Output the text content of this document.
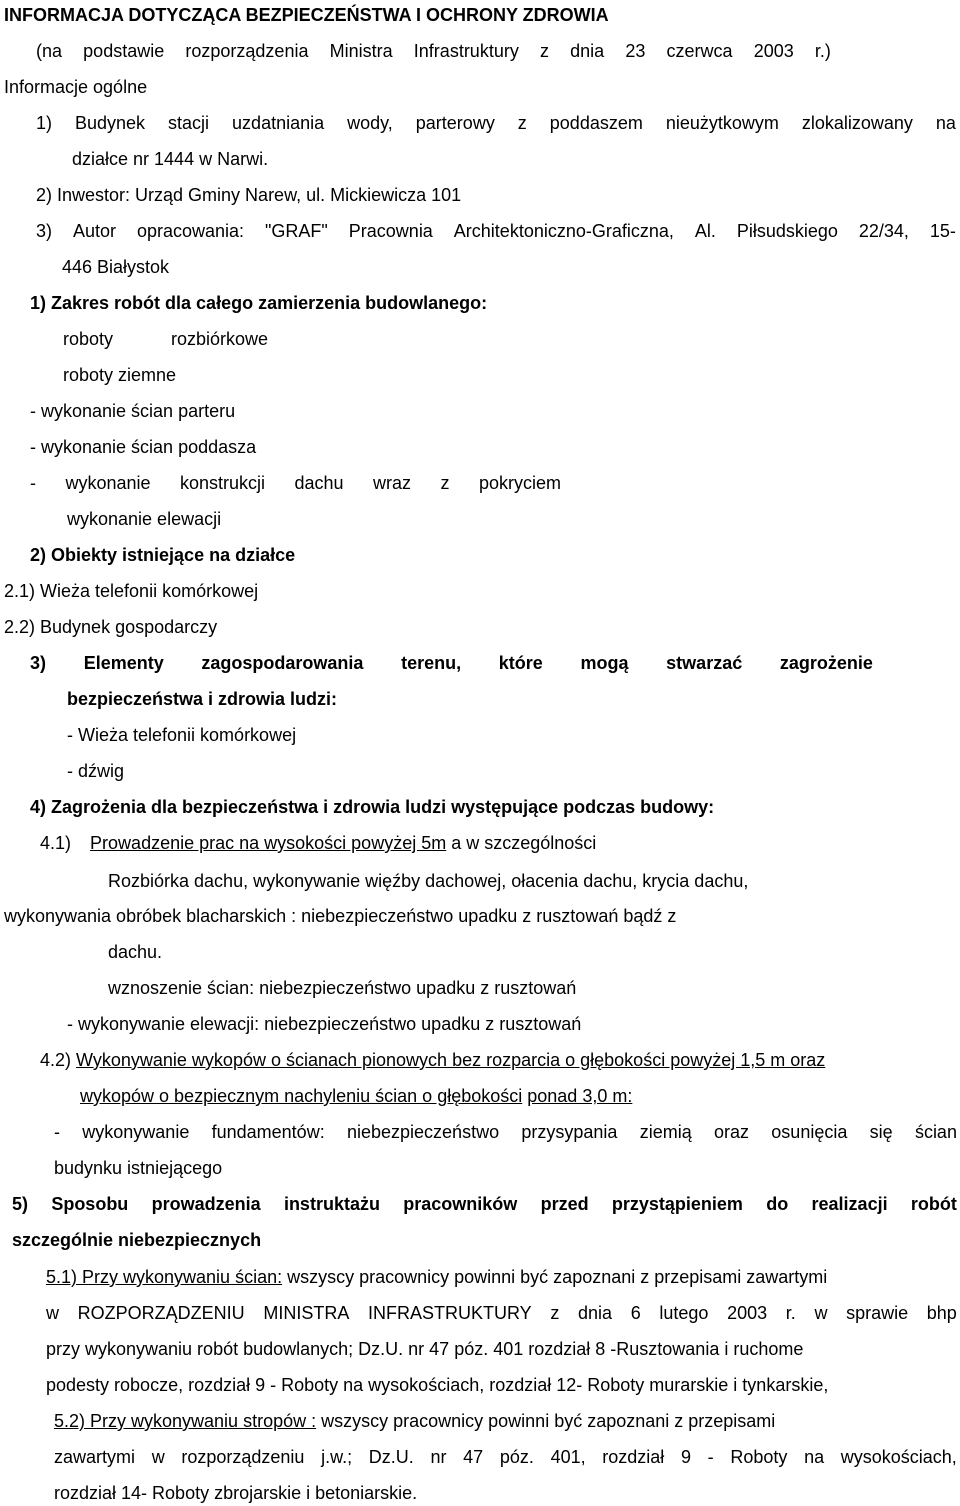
INFORMACJA DOTYCZĄCA BEZPIECZEŃSTWA I OCHRONY ZDROWIA
(na podstawie rozporządzenia Ministra Infrastruktury z dnia 23 czerwca 2003 r.)
Informacje ogólne
1) Budynek stacji uzdatniania wody, parterowy z poddaszem nieużytkowym zlokalizowany na
działce nr 1444 w Narwi.
2) Inwestor: Urząd Gminy Narew, ul. Mickiewicza 101
3) Autor opracowania: "GRAF" Pracownia Architektoniczno-Graficzna, Al. Piłsudskiego 22/34, 15-
446 Białystok
1) Zakres robót dla całego zamierzenia budowlanego:
roboty	rozbiórkowe
roboty ziemne
- wykonanie ścian parteru
- wykonanie ścian poddasza
- wykonanie konstrukcji dachu wraz z pokryciem
wykonanie elewacji
2) Obiekty istniejące na działce
2.1) Wieża telefonii komórkowej
2.2) Budynek gospodarczy
3) Elementy zagospodarowania terenu, które mogą stwarzać zagrożenie
bezpieczeństwa i zdrowia ludzi:
- Wieża telefonii komórkowej
- dźwig
4) Zagrożenia dla bezpieczeństwa i zdrowia ludzi występujące podczas budowy:
4.1) Prowadzenie prac na wysokości powyżej 5m a w szczególności
Rozbiórka dachu, wykonywanie więźby dachowej, ołacenia dachu, krycia dachu,
wykonywania obróbek blacharskich : niebezpieczeństwo upadku z rusztowań bądź z
dachu.
wznoszenie ścian: niebezpieczeństwo upadku z rusztowań
- wykonywanie elewacji: niebezpieczeństwo upadku z rusztowań
4.2) Wykonywanie wykopów o ścianach pionowych bez rozparcia o głębokości powyżej 1,5 m oraz
wykopów o bezpiecznym nachyleniu ścian o głębokości ponad 3,0 m:
- wykonywanie fundamentów: niebezpieczeństwo przysypania ziemią oraz osunięcia się ścian
budynku istniejącego
5) Sposobu prowadzenia instruktażu pracowników przed przystąpieniem do realizacji robót
szczególnie niebezpiecznych
5.1) Przy wykonywaniu ścian: wszyscy pracownicy powinni być zapoznani z przepisami zawartymi
w ROZPORZĄDZENIU MINISTRA INFRASTRUKTURY z dnia 6 lutego 2003 r. w sprawie bhp
przy wykonywaniu robót budowlanych; Dz.U. nr 47 póz. 401 rozdział 8 -Rusztowania i ruchome
podesty robocze, rozdział 9 - Roboty na wysokościach, rozdział 12- Roboty murarskie i tynkarskie,
5.2) Przy wykonywaniu stropów : wszyscy pracownicy powinni być zapoznani z przepisami
zawartymi w rozporządzeniu j.w.; Dz.U. nr 47 póz. 401, rozdział 9 - Roboty na wysokościach,
rozdział 14- Roboty zbrojarskie i betoniarskie.
